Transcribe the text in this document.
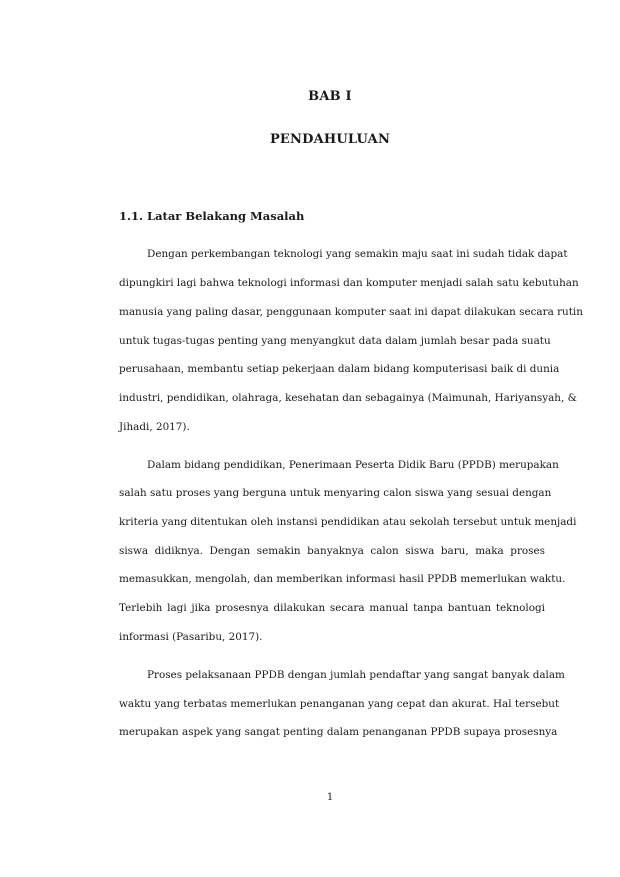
BAB I
PENDAHULUAN
1.1. Latar Belakang Masalah
Dengan perkembangan teknologi yang semakin maju saat ini sudah tidak dapat
dipungkiri lagi bahwa teknologi informasi dan komputer menjadi salah satu kebutuhan
manusia yang paling dasar, penggunaan komputer saat ini dapat dilakukan secara rutin
untuk tugas-tugas penting yang menyangkut data dalam jumlah besar pada suatu
perusahaan, membantu setiap pekerjaan dalam bidang komputerisasi baik di dunia
industri, pendidikan, olahraga, kesehatan dan sebagainya (Maimunah, Hariyansyah, &
Jihadi, 2017).
Dalam bidang pendidikan, Penerimaan Peserta Didik Baru (PPDB) merupakan
salah satu proses yang berguna untuk menyaring calon siswa yang sesuai dengan
kriteria yang ditentukan oleh instansi pendidikan atau sekolah tersebut untuk menjadi
siswa didiknya. Dengan semakin banyaknya calon siswa baru, maka proses
memasukkan, mengolah, dan memberikan informasi hasil PPDB memerlukan waktu.
Terlebih lagi jika prosesnya dilakukan secara manual tanpa bantuan teknologi
informasi (Pasaribu, 2017).
Proses pelaksanaan PPDB dengan jumlah pendaftar yang sangat banyak dalam
waktu yang terbatas memerlukan penanganan yang cepat dan akurat. Hal tersebut
merupakan aspek yang sangat penting dalam penanganan PPDB supaya prosesnya
1
